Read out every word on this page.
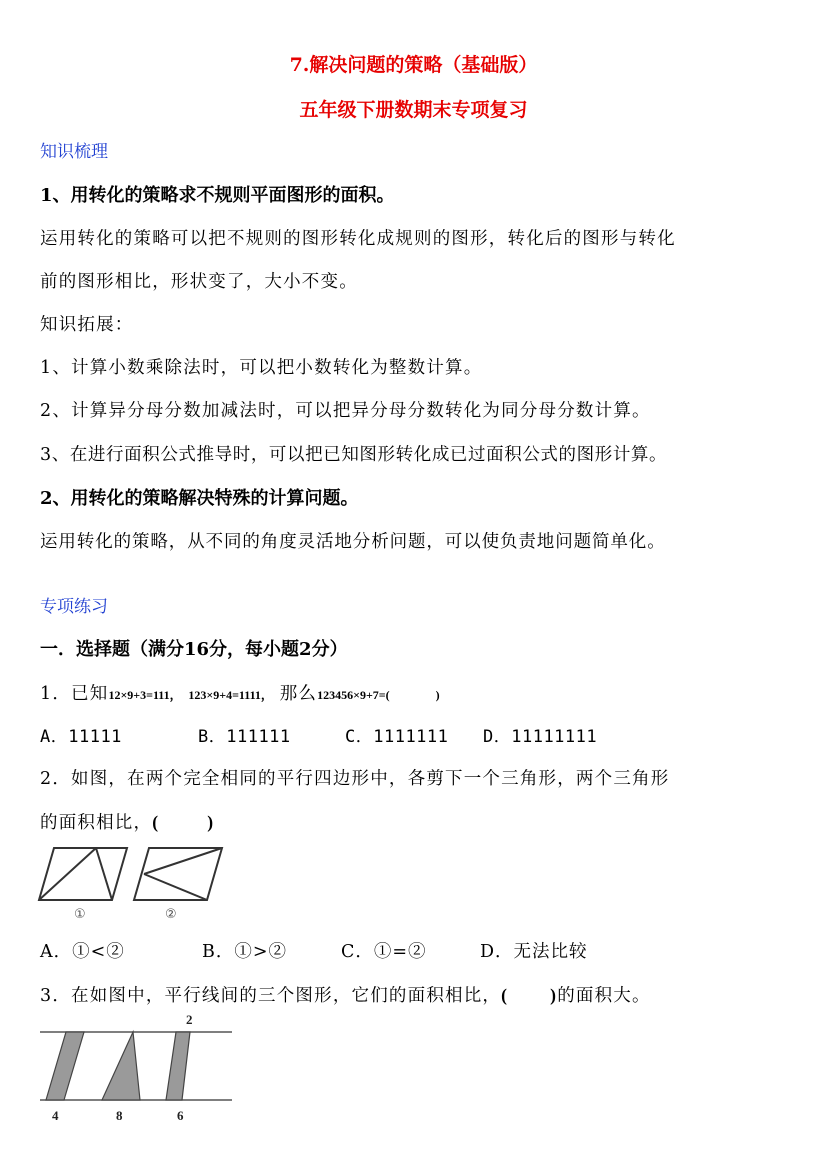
7.解决问题的策略（基础版）
五年级下册数期末专项复习
知识梳理
1、用转化的策略求不规则平面图形的面积。
运用转化的策略可以把不规则的图形转化成规则的图形，转化后的图形与转化
前的图形相比，形状变了，大小不变。
知识拓展：
1、计算小数乘除法时，可以把小数转化为整数计算。
2、计算异分母分数加减法时，可以把异分母分数转化为同分母分数计算。
3、在进行面积公式推导时，可以把已知图形转化成已过面积公式的图形计算。
2、用转化的策略解决特殊的计算问题。
运用转化的策略，从不同的角度灵活地分析问题，可以使负责地问题简单化。
专项练习
一．选择题（满分16分，每小题2分）
1．已知12×9+3=111， 123×9+4=1111， 那么123456×9+7=(	)
A．11111	B．111111	C．1111111 D．11111111
2．如图，在两个完全相同的平行四边形中，各剪下一个三角形，两个三角形
的面积相比，(	)
①	②
A．①<②	B．①>②	C．①=②	D．无法比较
3．在如图中，平行线间的三个图形，它们的面积相比，( )的面积大。
2
4	8	6
